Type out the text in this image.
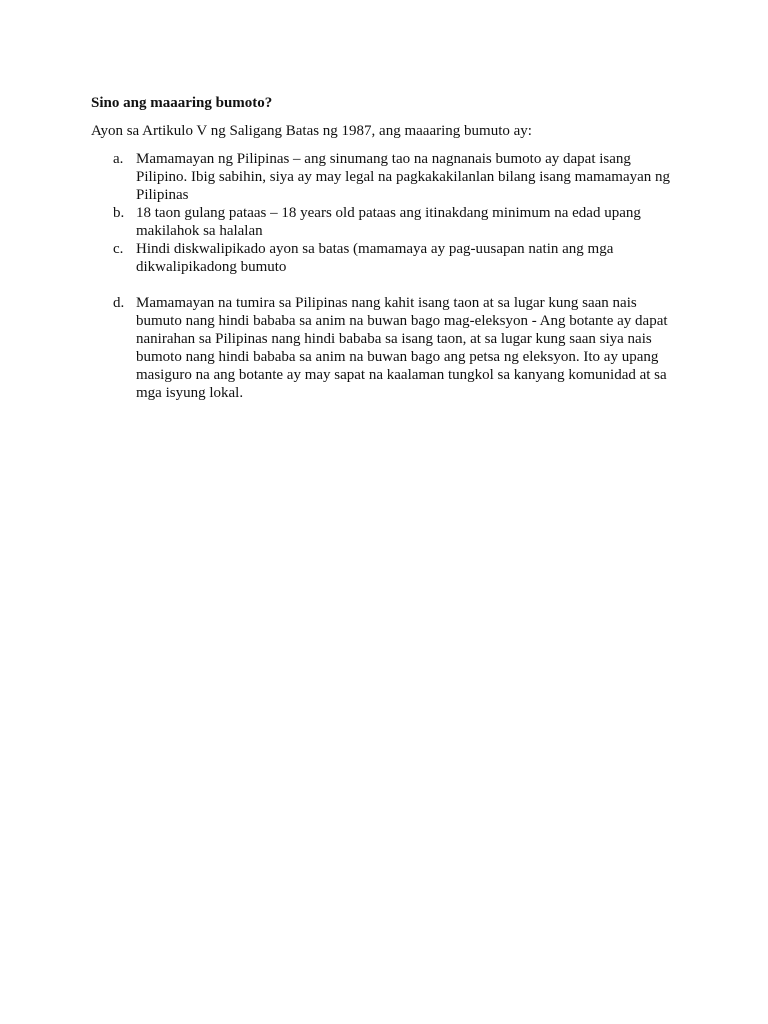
Sino ang maaaring bumoto?
Ayon sa Artikulo V ng Saligang Batas ng 1987, ang maaaring bumuto ay:
a. Mamamayan ng Pilipinas – ang sinumang tao na nagnanais bumoto ay dapat isang Pilipino. Ibig sabihin, siya ay may legal na pagkakakilanlan bilang isang mamamayan ng Pilipinas
b. 18 taon gulang pataas – 18 years old pataas ang itinakdang minimum na edad upang makilahok sa halalan
c. Hindi diskwalipikado ayon sa batas (mamamaya ay pag-uusapan natin ang mga dikwalipikadong bumuto
d. Mamamayan na tumira sa Pilipinas nang kahit isang taon at sa lugar kung saan nais bumuto nang hindi bababa sa anim na buwan bago mag-eleksyon - Ang botante ay dapat nanirahan sa Pilipinas nang hindi bababa sa isang taon, at sa lugar kung saan siya nais bumoto nang hindi bababa sa anim na buwan bago ang petsa ng eleksyon. Ito ay upang masiguro na ang botante ay may sapat na kaalaman tungkol sa kanyang komunidad at sa mga isyung lokal.
